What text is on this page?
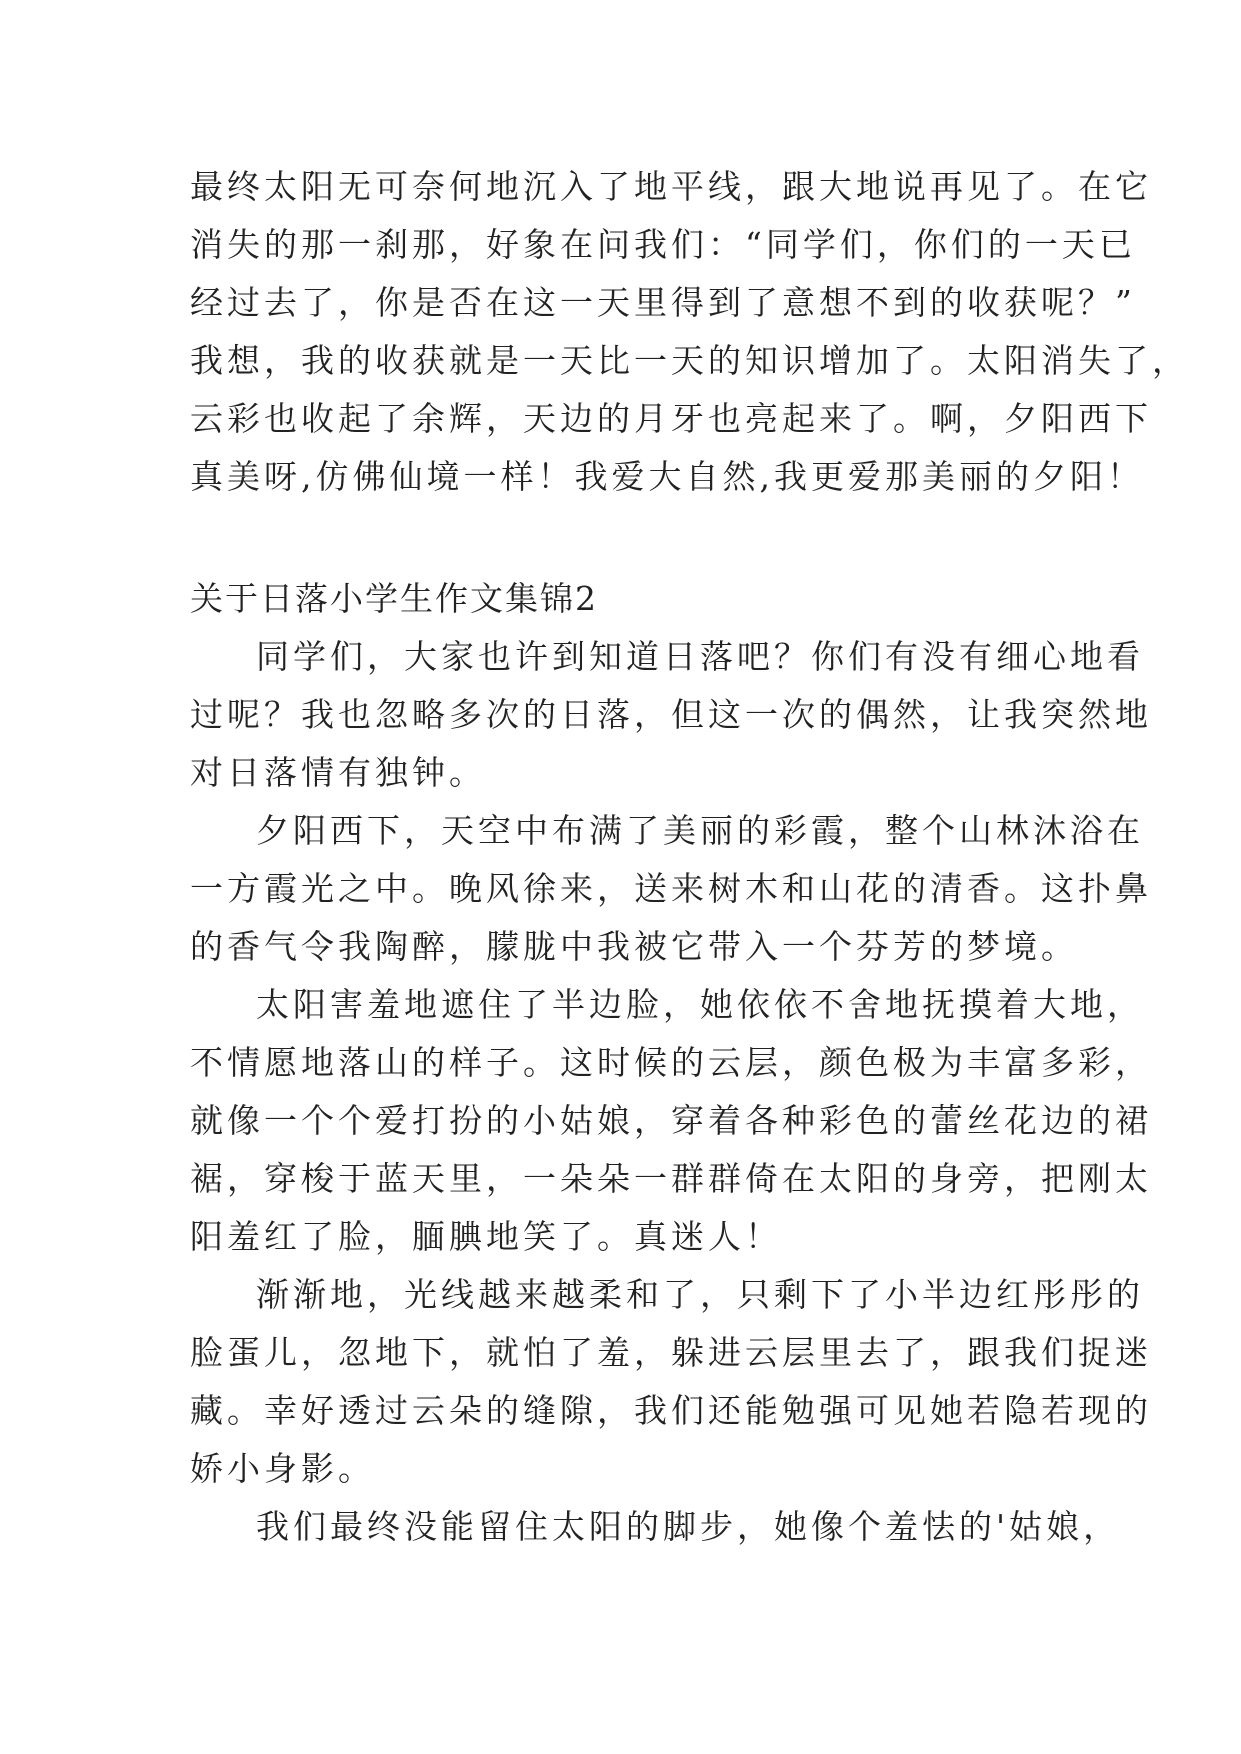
最终太阳无可奈何地沉入了地平线，跟大地说再见了。在它
消失的那一刹那，好象在问我们：“同学们，你们的一天已
经过去了，你是否在这一天里得到了意想不到的收获呢？”
我想，我的收获就是一天比一天的知识增加了。太阳消失了，
云彩也收起了余辉，天边的月牙也亮起来了。啊，夕阳西下
真美呀,仿佛仙境一样！我爱大自然,我更爱那美丽的夕阳！
关于日落小学生作文集锦2
同学们，大家也许到知道日落吧？你们有没有细心地看
过呢？我也忽略多次的日落，但这一次的偶然，让我突然地
对日落情有独钟。
夕阳西下，天空中布满了美丽的彩霞，整个山林沐浴在
一方霞光之中。晚风徐来，送来树木和山花的清香。这扑鼻
的香气令我陶醉，朦胧中我被它带入一个芬芳的梦境。
太阳害羞地遮住了半边脸，她依依不舍地抚摸着大地，
不情愿地落山的样子。这时候的云层，颜色极为丰富多彩，
就像一个个爱打扮的小姑娘，穿着各种彩色的蕾丝花边的裙
裾，穿梭于蓝天里，一朵朵一群群倚在太阳的身旁，把刚太
阳羞红了脸，腼腆地笑了。真迷人！
渐渐地，光线越来越柔和了，只剩下了小半边红彤彤的
脸蛋儿，忽地下，就怕了羞，躲进云层里去了，跟我们捉迷
藏。幸好透过云朵的缝隙，我们还能勉强可见她若隐若现的
娇小身影。
我们最终没能留住太阳的脚步，她像个羞怯的'姑娘，
